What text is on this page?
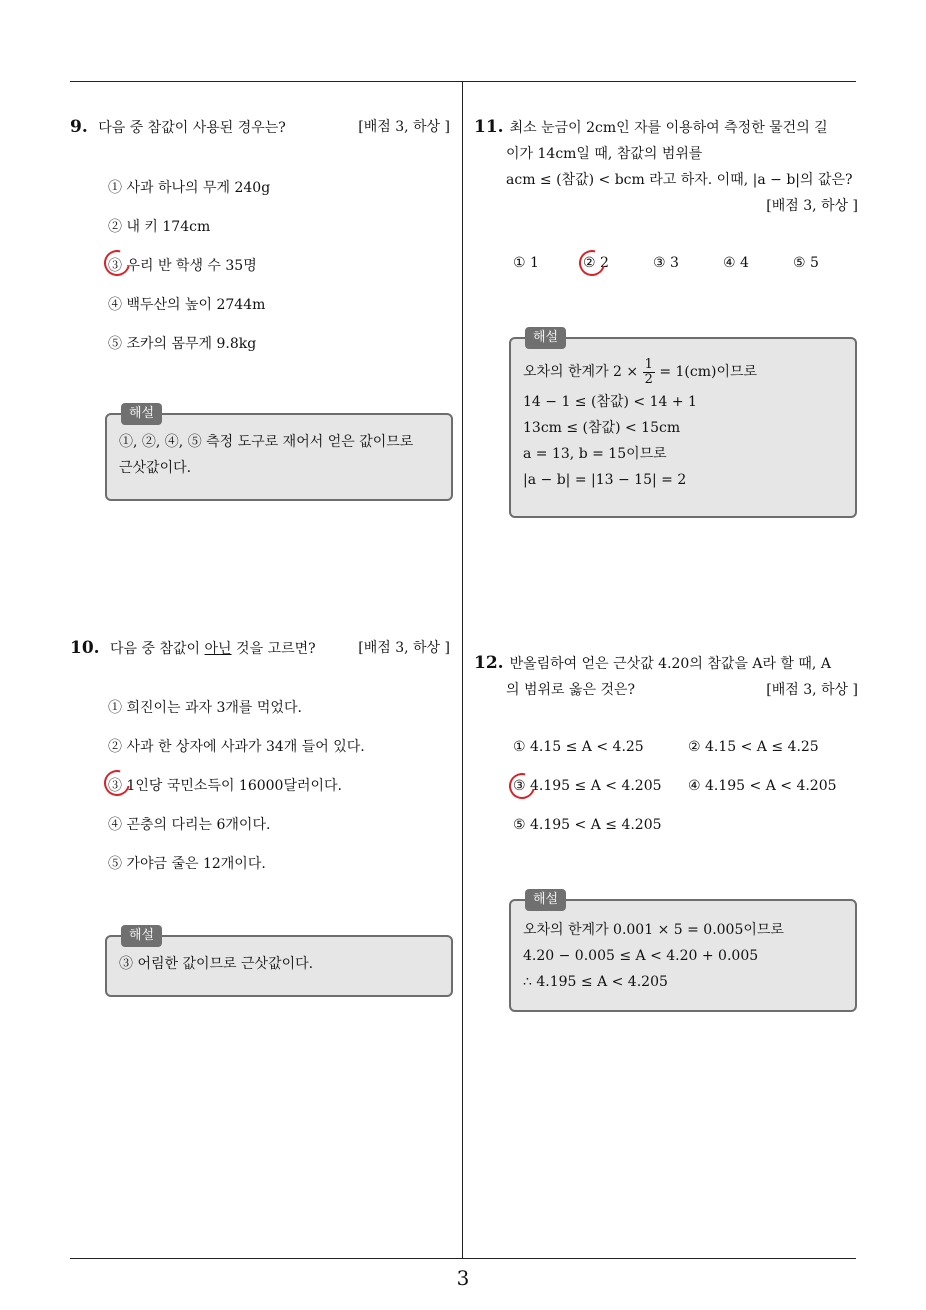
3
9. 다음 중 참값이 사용된 경우는?	[배점 3, 하상 ]
① 사과 하나의 무게 240g
② 내 키 174cm
③ 우리 반 학생 수 35명
④ 백두산의 높이 2744m
⑤ 조카의 몸무게 9.8kg
해설
①, ②, ④, ⑤ 측정 도구로 재어서 얻은 값이므로
근삿값이다.
10. 다음 중 참값이 아닌 것을 고르면?	[배점 3, 하상 ]
① 희진이는 과자 3개를 먹었다.
② 사과 한 상자에 사과가 34개 들어 있다.
③ 1인당 국민소득이 16000달러이다.
④ 곤충의 다리는 6개이다.
⑤ 가야금 줄은 12개이다.
해설
③ 어림한 값이므로 근삿값이다.
11. 최소 눈금이 2cm인 자를 이용하여 측정한 물건의 길
이가 14cm일 때, 참값의 범위를
acm ≤ (참값) < bcm 라고 하자. 이때, |a − b|의 값은?
[배점 3, 하상 ]
① 1	② 2	③ 3	④ 4	⑤ 5
해설
오차의 한계가 $2 \times \frac{1}{2} = 1(cm)$이므로
14 − 1 ≤ (참값) < 14 + 1
13cm ≤ (참값) < 15cm
a = 13, b = 15이므로
|a − b| = |13 − 15| = 2
12. 반올림하여 얻은 근삿값 4.20의 참값을 A라 할 때, A
의 범위로 옳은 것은?	[배점 3, 하상 ]
① 4.15 ≤ A < 4.25	② 4.15 < A ≤ 4.25
③ 4.195 ≤ A < 4.205 ④ 4.195 < A < 4.205
⑤ 4.195 < A ≤ 4.205
해설
오차의 한계가 0.001 × 5 = 0.005이므로
4.20 − 0.005 ≤ A < 4.20 + 0.005
∴ 4.195 ≤ A < 4.205
